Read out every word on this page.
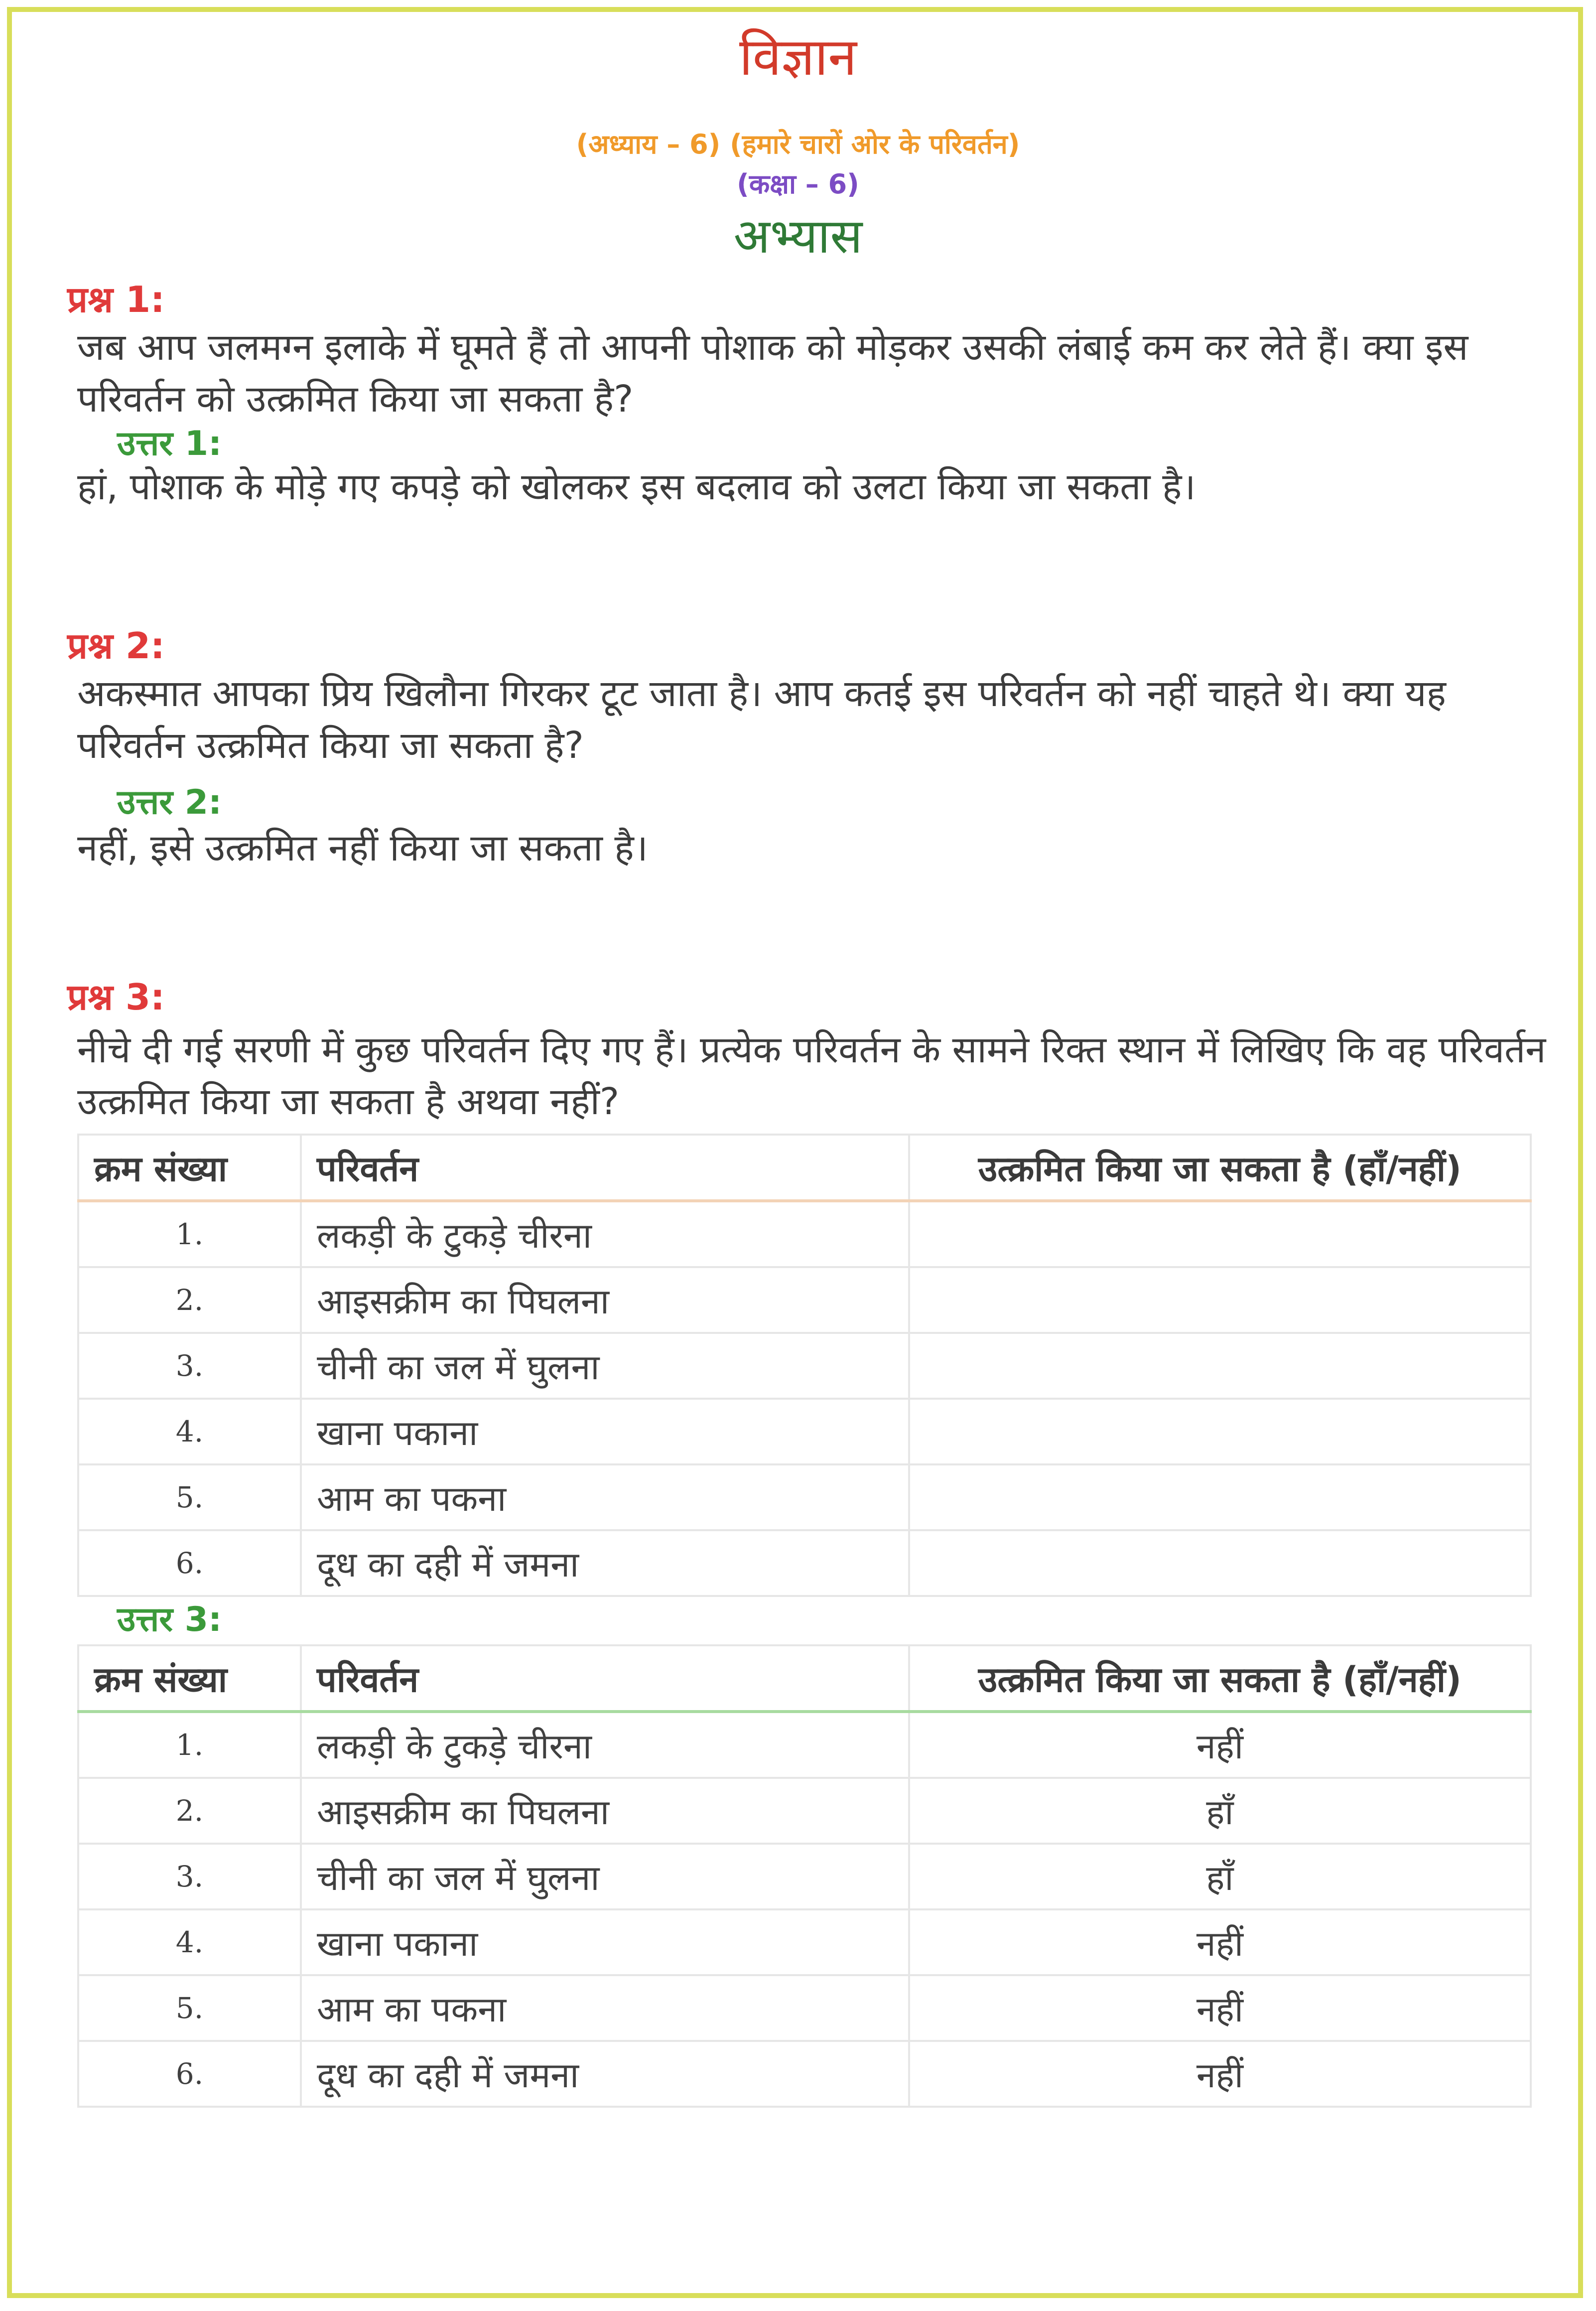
विज्ञान
(अध्याय – 6) (हमारे चारों ओर के परिवर्तन)
(कक्षा – 6)
अभ्यास
प्रश्न 1:
जब आप जलमग्न इलाके में घूमते हैं तो आपनी पोशाक को मोड़कर उसकी लंबाई कम कर लेते हैं। क्या इस परिवर्तन को उत्क्रमित किया जा सकता है?
उत्तर 1:
हां, पोशाक के मोड़े गए कपड़े को खोलकर इस बदलाव को उलटा किया जा सकता है।
प्रश्न 2:
अकस्मात आपका प्रिय खिलौना गिरकर टूट जाता है। आप कतई इस परिवर्तन को नहीं चाहते थे। क्या यह परिवर्तन उत्क्रमित किया जा सकता है?
उत्तर 2:
नहीं, इसे उत्क्रमित नहीं किया जा सकता है।
प्रश्न 3:
नीचे दी गई सरणी में कुछ परिवर्तन दिए गए हैं। प्रत्येक परिवर्तन के सामने रिक्त स्थान में लिखिए कि वह परिवर्तन उत्क्रमित किया जा सकता है अथवा नहीं?
क्रम संख्या	परिवर्तन	उत्क्रमित किया जा सकता है (हाँ/नहीं)
1.	लकड़ी के टुकड़े चीरना	
2.	आइसक्रीम का पिघलना	
3.	चीनी का जल में घुलना	
4.	खाना पकाना	
5.	आम का पकना	
6.	दूध का दही में जमना	
उत्तर 3:
क्रम संख्या	परिवर्तन	उत्क्रमित किया जा सकता है (हाँ/नहीं)
1.	लकड़ी के टुकड़े चीरना	नहीं
2.	आइसक्रीम का पिघलना	हाँ
3.	चीनी का जल में घुलना	हाँ
4.	खाना पकाना	नहीं
5.	आम का पकना	नहीं
6.	दूध का दही में जमना	नहीं
